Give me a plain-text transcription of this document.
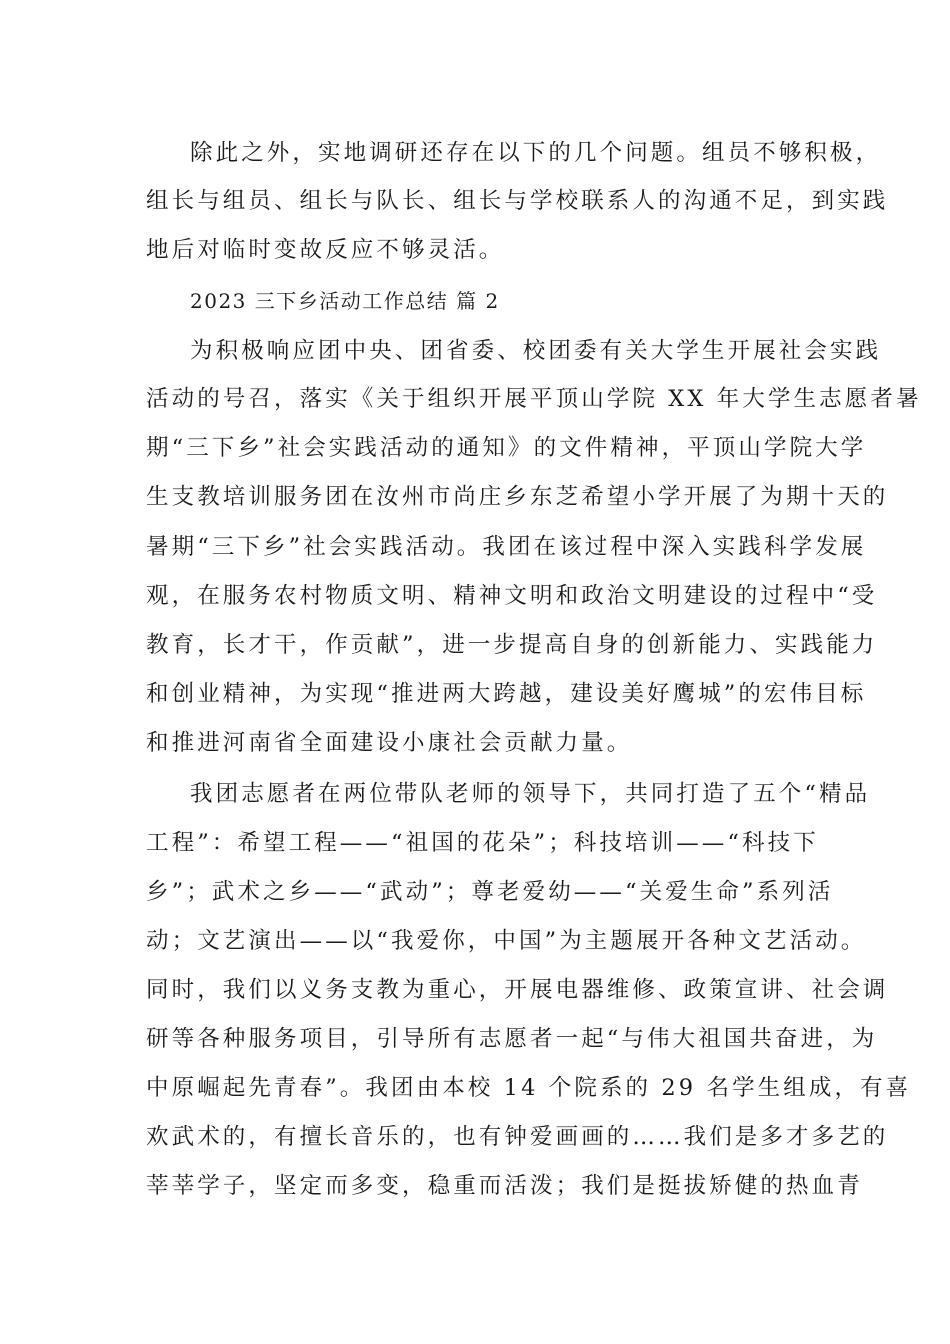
除此之外，实地调研还存在以下的几个问题。组员不够积极，
组长与组员、组长与队长、组长与学校联系人的沟通不足，到实践
地后对临时变故反应不够灵活。
2023 三下乡活动工作总结 篇 2
为积极响应团中央、团省委、校团委有关大学生开展社会实践
活动的号召，落实《关于组织开展平顶山学院 XX 年大学生志愿者暑
期“三下乡”社会实践活动的通知》的文件精神，平顶山学院大学
生支教培训服务团在汝州市尚庄乡东芝希望小学开展了为期十天的
暑期“三下乡”社会实践活动。我团在该过程中深入实践科学发展
观，在服务农村物质文明、精神文明和政治文明建设的过程中“受
教育，长才干，作贡献”，进一步提高自身的创新能力、实践能力
和创业精神，为实现“推进两大跨越，建设美好鹰城”的宏伟目标
和推进河南省全面建设小康社会贡献力量。
我团志愿者在两位带队老师的领导下，共同打造了五个“精品
工程”：希望工程——“祖国的花朵”；科技培训——“科技下
乡”；武术之乡——“武动”；尊老爱幼——“关爱生命”系列活
动；文艺演出——以“我爱你，中国”为主题展开各种文艺活动。
同时，我们以义务支教为重心，开展电器维修、政策宣讲、社会调
研等各种服务项目，引导所有志愿者一起“与伟大祖国共奋进，为
中原崛起先青春”。我团由本校 14 个院系的 29 名学生组成，有喜
欢武术的，有擅长音乐的，也有钟爱画画的……我们是多才多艺的
莘莘学子，坚定而多变，稳重而活泼；我们是挺拔矫健的热血青
